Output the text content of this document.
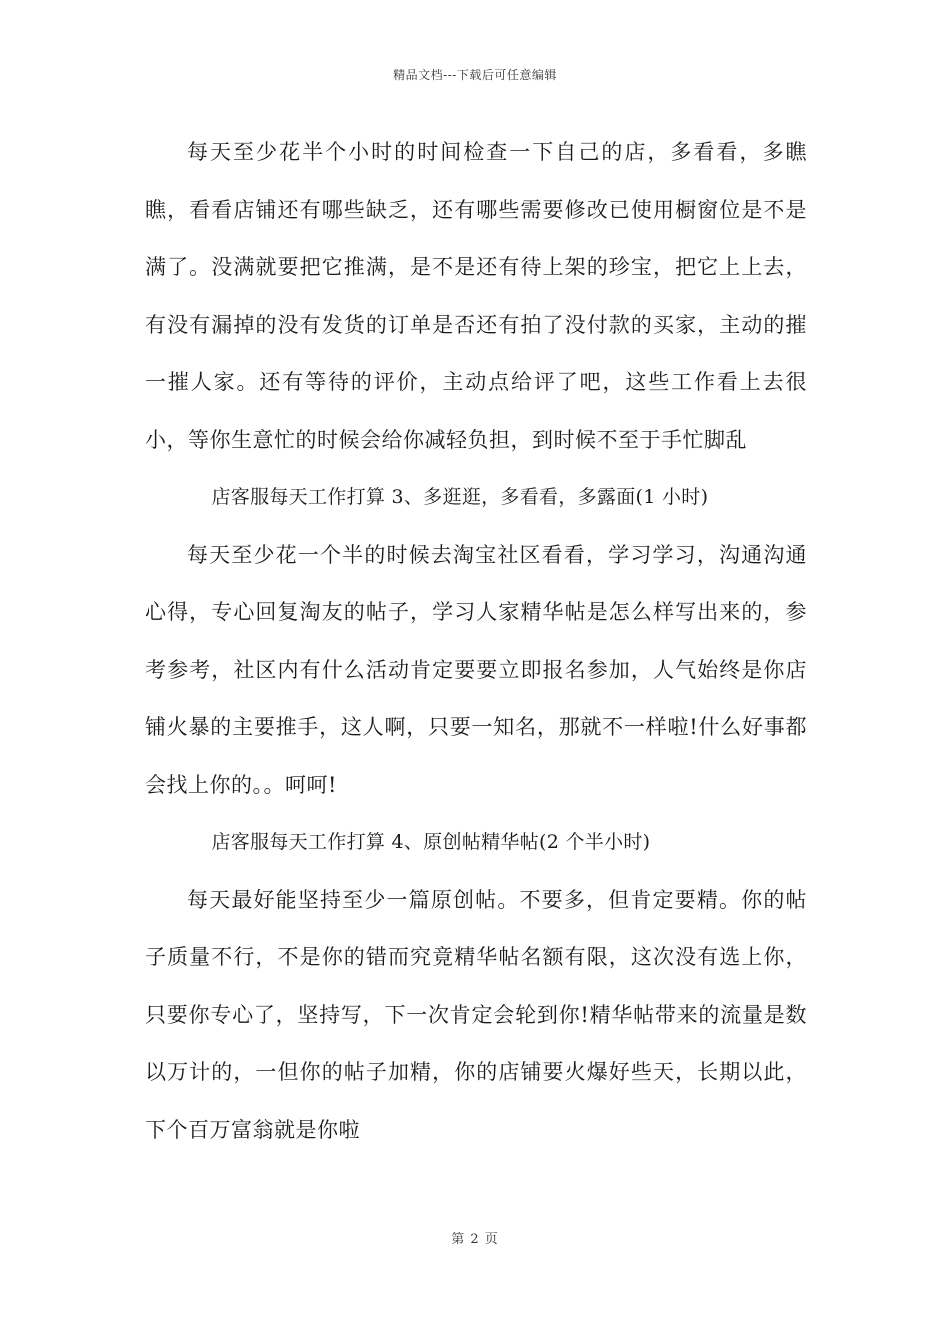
精品文档---下载后可任意编辑

每天至少花半个小时的时间检查一下自己的店，多看看，多瞧瞧，看看店铺还有哪些缺乏，还有哪些需要修改已使用橱窗位是不是满了。没满就要把它推满，是不是还有待上架的珍宝，把它上上去，有没有漏掉的没有发货的订单是否还有拍了没付款的买家，主动的摧一摧人家。还有等待的评价，主动点给评了吧，这些工作看上去很小，等你生意忙的时候会给你减轻负担，到时候不至于手忙脚乱

店客服每天工作打算 3、多逛逛，多看看，多露面(1 小时)

每天至少花一个半的时候去淘宝社区看看，学习学习，沟通沟通心得，专心回复淘友的帖子，学习人家精华帖是怎么样写出来的，参考参考，社区内有什么活动肯定要要立即报名参加，人气始终是你店铺火暴的主要推手，这人啊，只要一知名，那就不一样啦!什么好事都会找上你的。。呵呵!

店客服每天工作打算 4、原创帖精华帖(2 个半小时)

每天最好能坚持至少一篇原创帖。不要多，但肯定要精。你的帖子质量不行，不是你的错而究竟精华帖名额有限，这次没有选上你，只要你专心了，坚持写，下一次肯定会轮到你!精华帖带来的流量是数以万计的，一但你的帖子加精，你的店铺要火爆好些天，长期以此，下个百万富翁就是你啦

第 2 页
